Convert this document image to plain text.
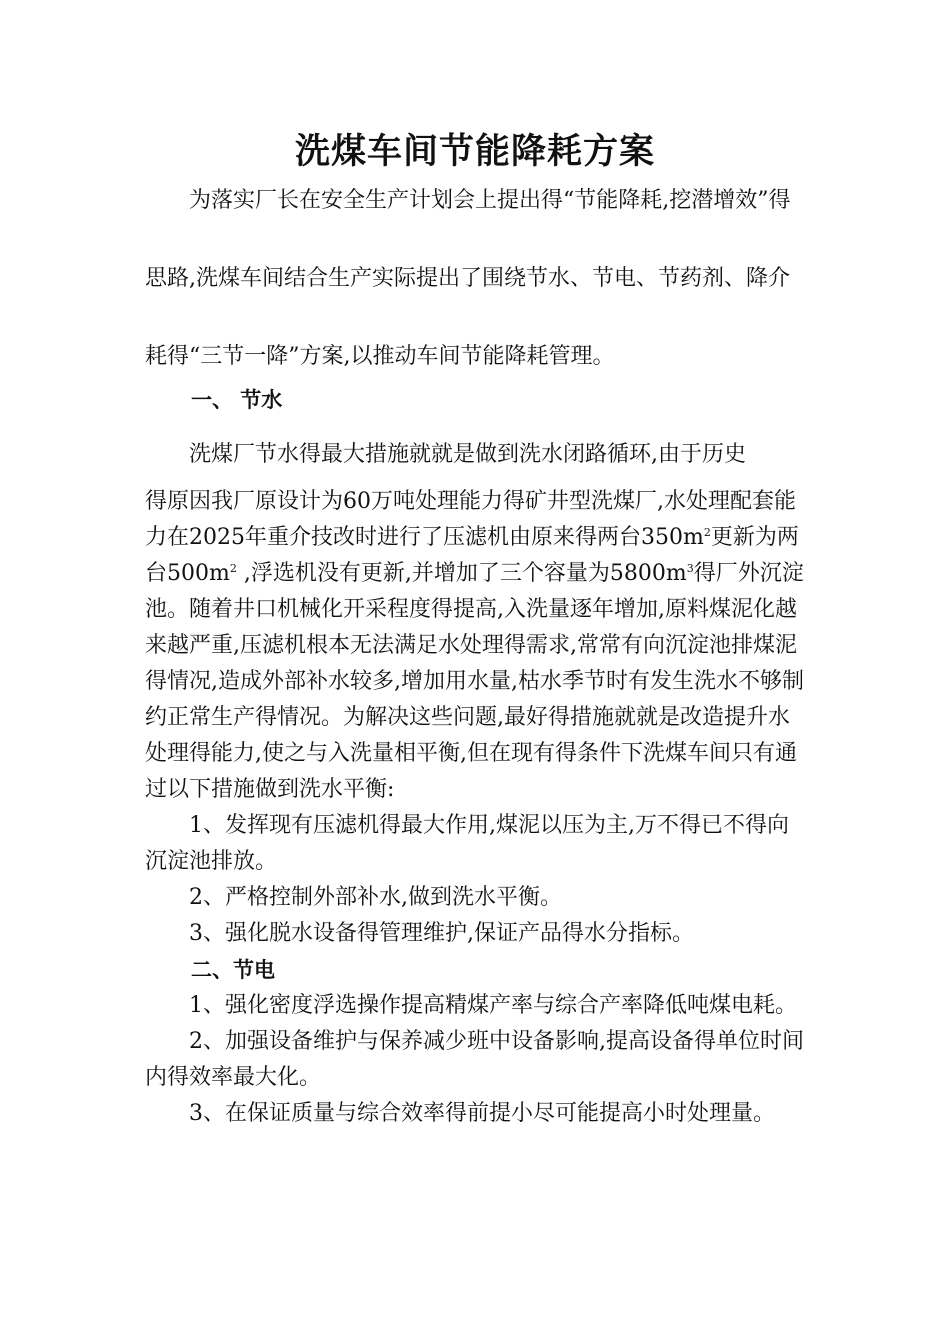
洗煤车间节能降耗方案

为落实厂长在安全生产计划会上提出得“节能降耗,挖潜增效”得思路,洗煤车间结合生产实际提出了围绕节水、节电、节药剂、降介耗得“三节一降”方案,以推动车间节能降耗管理。

一、 节水

洗煤厂节水得最大措施就就是做到洗水闭路循环,由于历史

得原因我厂原设计为60万吨处理能力得矿井型洗煤厂,水处理配套能力在2025年重介技改时进行了压滤机由原来得两台$350m^2$更新为两台$500m^2$ ,浮选机没有更新,并增加了三个容量为$5800m^3$得厂外沉淀池。随着井口机械化开采程度得提高,入洗量逐年增加,原料煤泥化越来越严重,压滤机根本无法满足水处理得需求,常常有向沉淀池排煤泥得情况,造成外部补水较多,增加用水量,枯水季节时有发生洗水不够制约正常生产得情况。为解决这些问题,最好得措施就就是改造提升水处理得能力,使之与入洗量相平衡,但在现有得条件下洗煤车间只有通过以下措施做到洗水平衡:

1、发挥现有压滤机得最大作用,煤泥以压为主,万不得已不得向沉淀池排放。

2、严格控制外部补水,做到洗水平衡。

3、强化脱水设备得管理维护,保证产品得水分指标。

二、节电

1、强化密度浮选操作提高精煤产率与综合产率降低吨煤电耗。

2、加强设备维护与保养减少班中设备影响,提高设备得单位时间内得效率最大化。

3、在保证质量与综合效率得前提小尽可能提高小时处理量。
